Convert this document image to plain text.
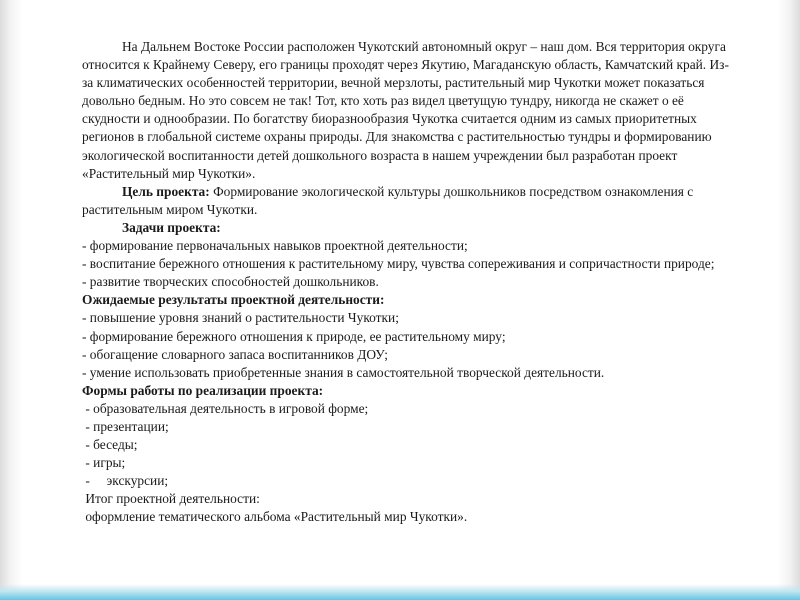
На Дальнем Востоке России расположен Чукотский автономный округ – наш дом. Вся территория округа относится к Крайнему Северу, его границы проходят через Якутию, Магаданскую область, Камчатский край. Из-за климатических особенностей территории, вечной мерзлоты, растительный мир Чукотки может показаться довольно бедным. Но это совсем не так! Тот, кто хоть раз видел цветущую тундру, никогда не скажет о её скудности и однообразии. По богатству биоразнообразия Чукотка считается одним из самых приоритетных регионов в глобальной системе охраны природы. Для знакомства с растительностью тундры и формированию экологической воспитанности детей дошкольного возраста в нашем учреждении был разработан проект «Растительный мир Чукотки».

Цель проекта: Формирование экологической культуры дошкольников посредством ознакомления с растительным миром Чукотки.

Задачи проекта:

- формирование первоначальных навыков проектной деятельности;

- воспитание бережного отношения к растительному миру, чувства сопереживания и сопричастности природе;

- развитие творческих способностей дошкольников.

Ожидаемые результаты проектной деятельности:

- повышение уровня знаний о растительности Чукотки;

- формирование бережного отношения к природе, ее растительному миру;

- обогащение словарного запаса воспитанников ДОУ;

- умение использовать приобретенные знания в самостоятельной творческой деятельности.

Формы работы по реализации проекта:

- образовательная деятельность в игровой форме;

- презентации;

- беседы;

- игры;

-     экскурсии;

Итог проектной деятельности:

оформление тематического альбома «Растительный мир Чукотки».
